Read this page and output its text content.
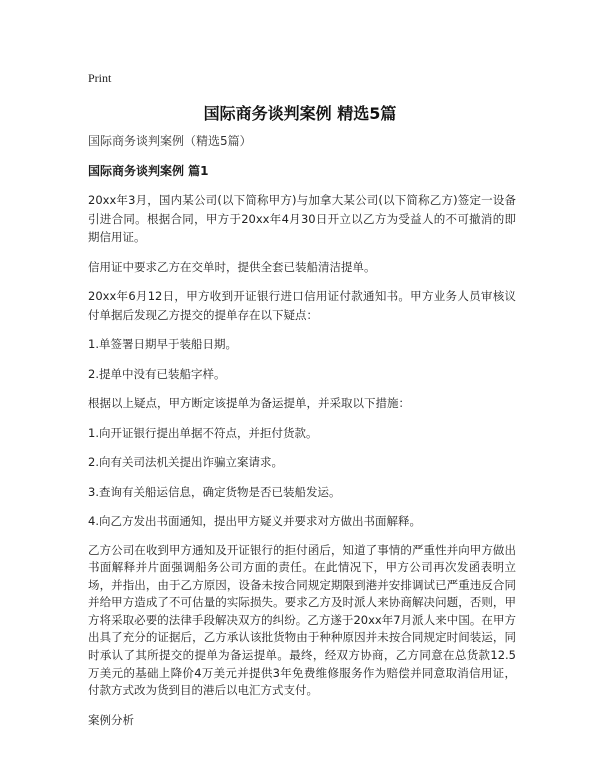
Print
国际商务谈判案例 精选5篇
国际商务谈判案例（精选5篇）
国际商务谈判案例 篇1

20xx年3月，国内某公司(以下简称甲方)与加拿大某公司(以下简称乙方)签定一设备引进合同。根据合同，甲方于20xx年4月30日开立以乙方为受益人的不可撤消的即期信用证。

信用证中要求乙方在交单时，提供全套已装船清洁提单。

20xx年6月12日，甲方收到开证银行进口信用证付款通知书。甲方业务人员审核议付单据后发现乙方提交的提单存在以下疑点：

1.单签署日期早于装船日期。

2.提单中没有已装船字样。

根据以上疑点，甲方断定该提单为备运提单，并采取以下措施：

1.向开证银行提出单据不符点，并拒付货款。

2.向有关司法机关提出诈骗立案请求。

3.查询有关船运信息，确定货物是否已装船发运。

4.向乙方发出书面通知，提出甲方疑义并要求对方做出书面解释。

乙方公司在收到甲方通知及开证银行的拒付函后，知道了事情的严重性并向甲方做出书面解释并片面强调船务公司方面的责任。在此情况下，甲方公司再次发函表明立场，并指出，由于乙方原因，设备未按合同规定期限到港并安排调试已严重违反合同并给甲方造成了不可估量的实际损失。要求乙方及时派人来协商解决问题，否则，甲方将采取必要的法律手段解决双方的纠纷。乙方遂于20xx年7月派人来中国。在甲方出具了充分的证据后，乙方承认该批货物由于种种原因并未按合同规定时间装运，同时承认了其所提交的提单为备运提单。最终，经双方协商，乙方同意在总货款12.5万美元的基础上降价4万美元并提供3年免费维修服务作为赔偿并同意取消信用证，付款方式改为货到目的港后以电汇方式支付。

案例分析
